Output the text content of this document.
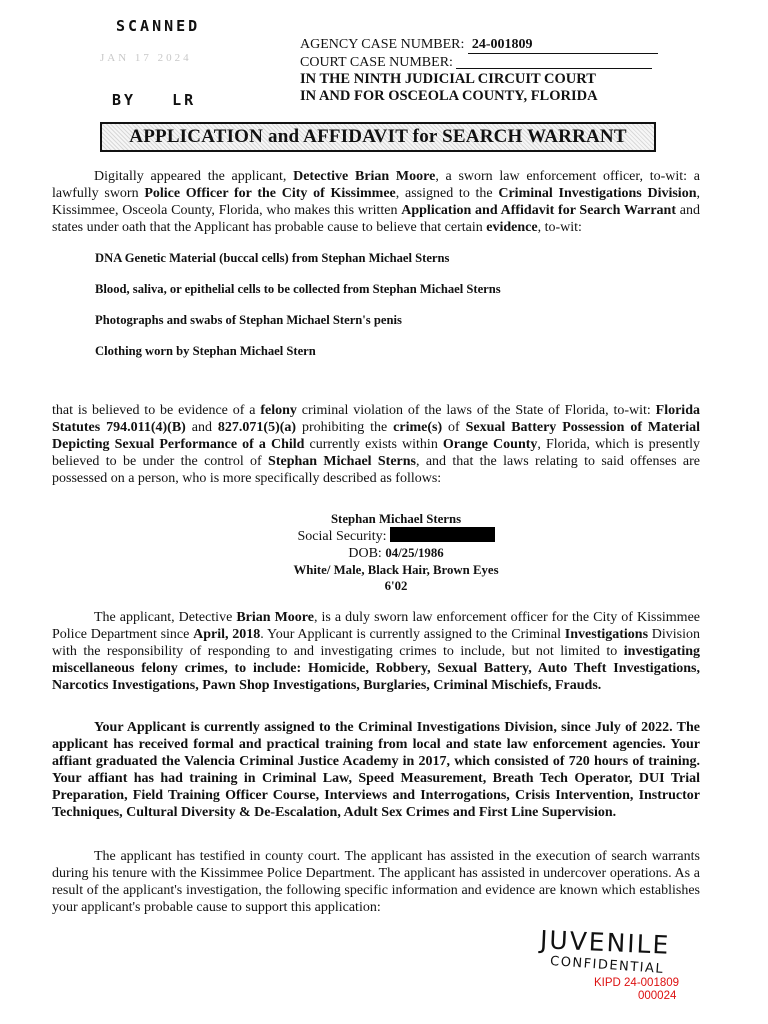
SCANNED
JAN 17 2024
BY   LR
AGENCY CASE NUMBER: 24-001809
COURT CASE NUMBER:
IN THE NINTH JUDICIAL CIRCUIT COURT
IN AND FOR OSCEOLA COUNTY, FLORIDA
APPLICATION and AFFIDAVIT for SEARCH WARRANT
Digitally appeared the applicant, Detective Brian Moore, a sworn law enforcement officer, to-wit: a lawfully sworn Police Officer for the City of Kissimmee, assigned to the Criminal Investigations Division, Kissimmee, Osceola County, Florida, who makes this written Application and Affidavit for Search Warrant and states under oath that the Applicant has probable cause to believe that certain evidence, to-wit:
DNA Genetic Material (buccal cells) from Stephan Michael Sterns
Blood, saliva, or epithelial cells to be collected from Stephan Michael Sterns
Photographs and swabs of Stephan Michael Stern's penis
Clothing worn by Stephan Michael Stern
that is believed to be evidence of a felony criminal violation of the laws of the State of Florida, to-wit: Florida Statutes 794.011(4)(B) and 827.071(5)(a) prohibiting the crime(s) of Sexual Battery Possession of Material Depicting Sexual Performance of a Child currently exists within Orange County, Florida, which is presently believed to be under the control of Stephan Michael Sterns, and that the laws relating to said offenses are possessed on a person, who is more specifically described as follows:
Stephan Michael Sterns
Social Security:
DOB: 04/25/1986
White/ Male, Black Hair, Brown Eyes
6'02
The applicant, Detective Brian Moore, is a duly sworn law enforcement officer for the City of Kissimmee Police Department since April, 2018. Your Applicant is currently assigned to the Criminal Investigations Division with the responsibility of responding to and investigating crimes to include, but not limited to investigating miscellaneous felony crimes, to include: Homicide, Robbery, Sexual Battery, Auto Theft Investigations, Narcotics Investigations, Pawn Shop Investigations, Burglaries, Criminal Mischiefs, Frauds.
Your Applicant is currently assigned to the Criminal Investigations Division, since July of 2022. The applicant has received formal and practical training from local and state law enforcement agencies. Your affiant graduated the Valencia Criminal Justice Academy in 2017, which consisted of 720 hours of training. Your affiant has had training in Criminal Law, Speed Measurement, Breath Tech Operator, DUI Trial Preparation, Field Training Officer Course, Interviews and Interrogations, Crisis Intervention, Instructor Techniques, Cultural Diversity & De-Escalation, Adult Sex Crimes and First Line Supervision.
The applicant has testified in county court. The applicant has assisted in the execution of search warrants during his tenure with the Kissimmee Police Department. The applicant has assisted in undercover operations. As a result of the applicant's investigation, the following specific information and evidence are known which establishes your applicant's probable cause to support this application:
JUVENILE
CONFIDENTIAL
KIPD 24-001809
000024
